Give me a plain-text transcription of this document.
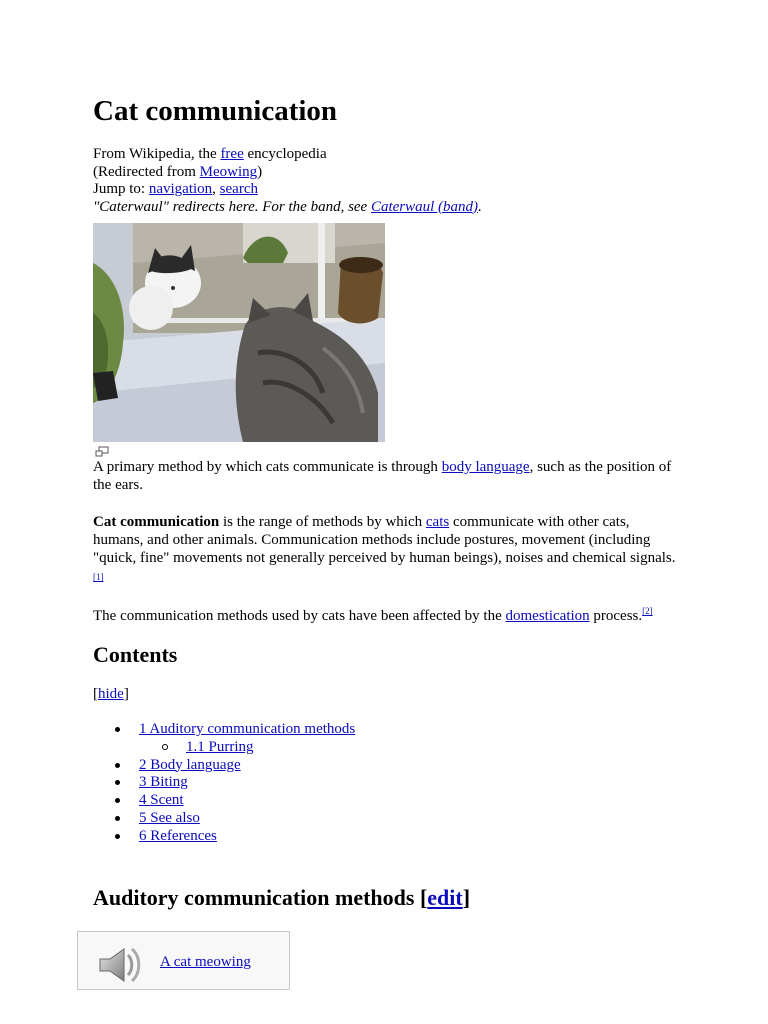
Cat communication
From Wikipedia, the free encyclopedia
(Redirected from Meowing)
Jump to: navigation, search
"Caterwaul" redirects here. For the band, see Caterwaul (band).
A primary method by which cats communicate is through body language, such as the position of the ears.
Cat communication is the range of methods by which cats communicate with other cats, humans, and other animals. Communication methods include postures, movement (including "quick, fine" movements not generally perceived by human beings), noises and chemical signals.[1]
The communication methods used by cats have been affected by the domestication process.[2]
Contents
[hide]
1 Auditory communication methods
1.1 Purring
2 Body language
3 Biting
4 Scent
5 See also
6 References
Auditory communication methods [edit]
A cat meowing
